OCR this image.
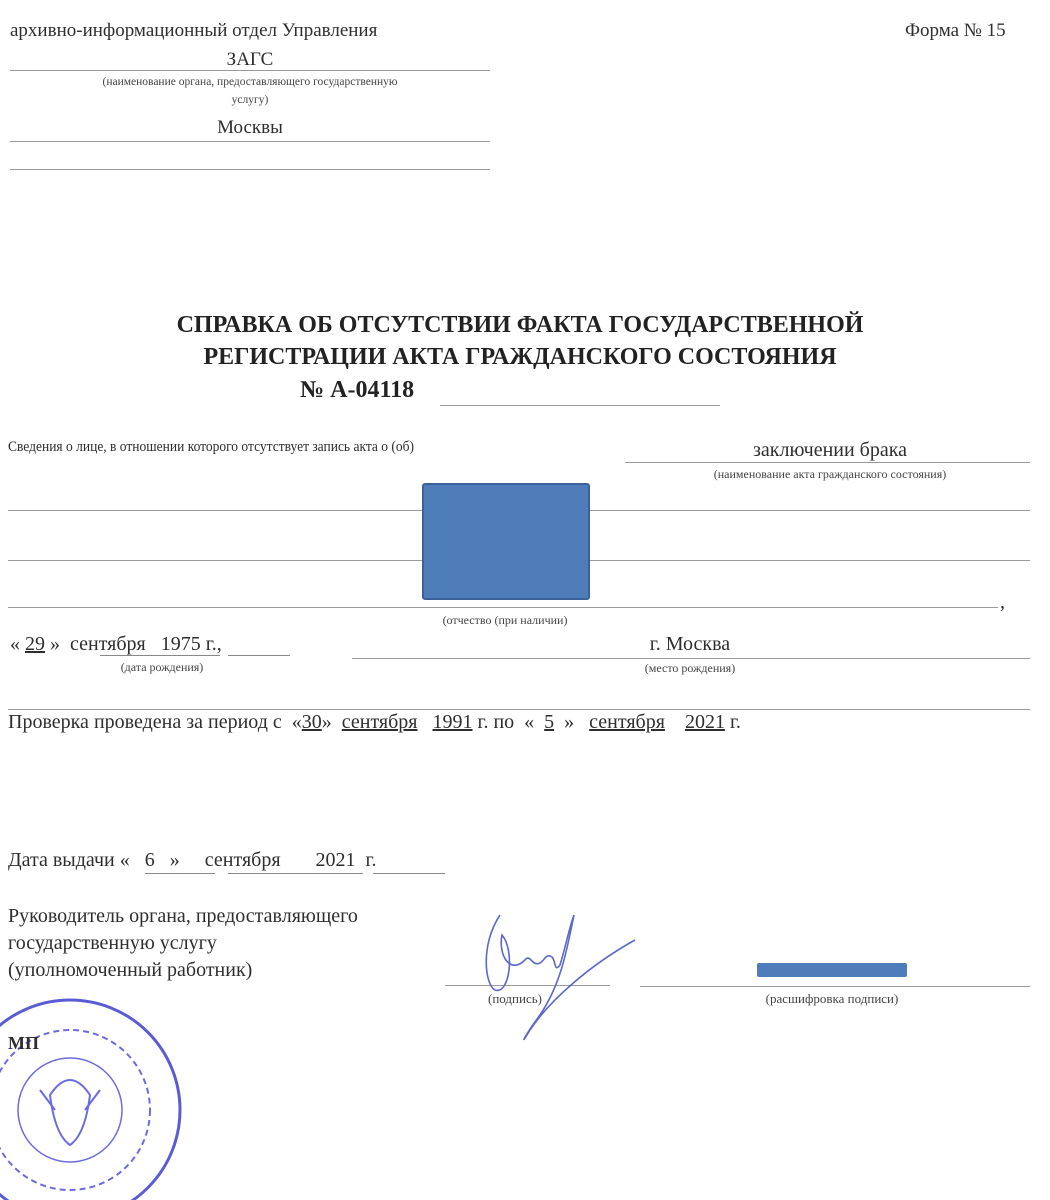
архивно-информационный отдел Управления
ЗАГС
(наименование органа, предоставляющего государственную
услугу)
Москвы
Форма № 15
СПРАВКА ОБ ОТСУТСТВИИ ФАКТА ГОСУДАРСТВЕННОЙ
РЕГИСТРАЦИИ АКТА ГРАЖДАНСКОГО СОСТОЯНИЯ
№ А-04118
Сведения о лице, в отношении которого отсутствует запись акта о (об)	заключении брака
(наименование акта гражданского состояния)
,
(отчество (при наличии)
« 29 »  сентября 1975 г.,
(дата рождения)
г. Москва
(место рождения)
Проверка проведена за период с  «30»  сентября 1991 г. по  «  5  »   сентября 2021 г.
Дата выдачи «   6   »     сентября 2021 г.
Руководитель органа, предоставляющего
государственную услугу
(уполномоченный работник)
(подпись)	(расшифровка подписи)
МП
